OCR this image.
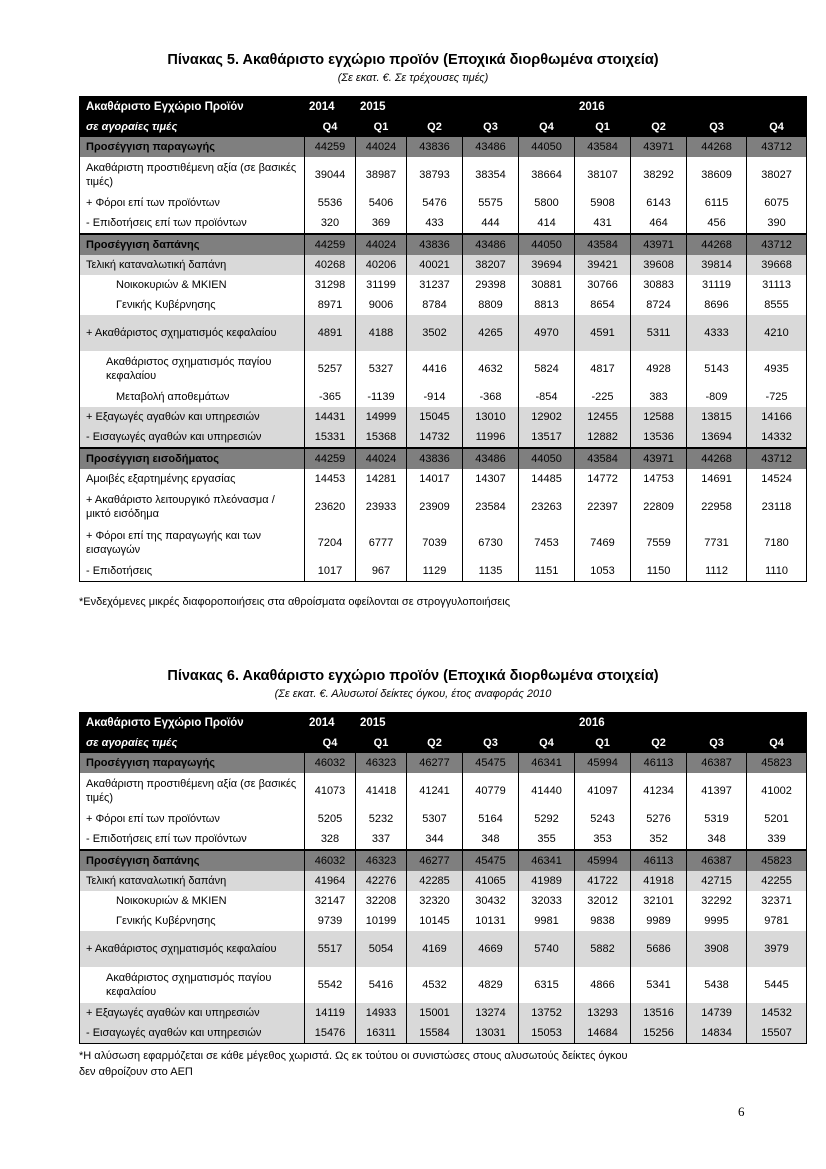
Πίνακας 5. Ακαθάριστο εγχώριο προϊόν (Εποχικά διορθωμένα στοιχεία)
(Σε εκατ. €. Σε τρέχουσες τιμές)
Ακαθάριστο Εγχώριο Προϊόν	2014	2015				2016			
σε αγοραίες τιμές	Q4	Q1	Q2	Q3	Q4	Q1	Q2	Q3	Q4
Προσέγγιση παραγωγής	44259	44024	43836	43486	44050	43584	43971	44268	43712
Ακαθάριστη προστιθέμενη αξία (σε βασικές τιμές)	39044	38987	38793	38354	38664	38107	38292	38609	38027
+ Φόροι επί των προϊόντων	5536	5406	5476	5575	5800	5908	6143	6115	6075
- Επιδοτήσεις επί των προϊόντων	320	369	433	444	414	431	464	456	390
Προσέγγιση δαπάνης	44259	44024	43836	43486	44050	43584	43971	44268	43712
Τελική καταναλωτική δαπάνη	40268	40206	40021	38207	39694	39421	39608	39814	39668
Νοικοκυριών & ΜΚΙΕΝ	31298	31199	31237	29398	30881	30766	30883	31119	31113
Γενικής Κυβέρνησης	8971	9006	8784	8809	8813	8654	8724	8696	8555
+ Ακαθάριστος σχηματισμός κεφαλαίου	4891	4188	3502	4265	4970	4591	5311	4333	4210
Ακαθάριστος σχηματισμός παγίου κεφαλαίου	5257	5327	4416	4632	5824	4817	4928	5143	4935
Μεταβολή αποθεμάτων	-365	-1139	-914	-368	-854	-225	383	-809	-725
+ Εξαγωγές αγαθών και υπηρεσιών	14431	14999	15045	13010	12902	12455	12588	13815	14166
- Εισαγωγές αγαθών και υπηρεσιών	15331	15368	14732	11996	13517	12882	13536	13694	14332
Προσέγγιση εισοδήματος	44259	44024	43836	43486	44050	43584	43971	44268	43712
Αμοιβές εξαρτημένης εργασίας	14453	14281	14017	14307	14485	14772	14753	14691	14524
+ Ακαθάριστο λειτουργικό πλεόνασμα / μικτό εισόδημα	23620	23933	23909	23584	23263	22397	22809	22958	23118
+ Φόροι επί της παραγωγής και των εισαγωγών	7204	6777	7039	6730	7453	7469	7559	7731	7180
- Επιδοτήσεις	1017	967	1129	1135	1151	1053	1150	1112	1110
*Ενδεχόμενες μικρές διαφοροποιήσεις στα αθροίσματα οφείλονται σε στρογγυλοποιήσεις
Πίνακας 6. Ακαθάριστο εγχώριο προϊόν (Εποχικά διορθωμένα στοιχεία)
(Σε εκατ. €. Αλυσωτοί δείκτες όγκου, έτος αναφοράς 2010
Ακαθάριστο Εγχώριο Προϊόν	2014	2015				2016			
σε αγοραίες τιμές	Q4	Q1	Q2	Q3	Q4	Q1	Q2	Q3	Q4
Προσέγγιση παραγωγής	46032	46323	46277	45475	46341	45994	46113	46387	45823
Ακαθάριστη προστιθέμενη αξία (σε βασικές τιμές)	41073	41418	41241	40779	41440	41097	41234	41397	41002
+ Φόροι επί των προϊόντων	5205	5232	5307	5164	5292	5243	5276	5319	5201
- Επιδοτήσεις επί των προϊόντων	328	337	344	348	355	353	352	348	339
Προσέγγιση δαπάνης	46032	46323	46277	45475	46341	45994	46113	46387	45823
Τελική καταναλωτική δαπάνη	41964	42276	42285	41065	41989	41722	41918	42715	42255
Νοικοκυριών & ΜΚΙΕΝ	32147	32208	32320	30432	32033	32012	32101	32292	32371
Γενικής Κυβέρνησης	9739	10199	10145	10131	9981	9838	9989	9995	9781
+ Ακαθάριστος σχηματισμός κεφαλαίου	5517	5054	4169	4669	5740	5882	5686	3908	3979
Ακαθάριστος σχηματισμός παγίου κεφαλαίου	5542	5416	4532	4829	6315	4866	5341	5438	5445
+ Εξαγωγές αγαθών και υπηρεσιών	14119	14933	15001	13274	13752	13293	13516	14739	14532
- Εισαγωγές αγαθών και υπηρεσιών	15476	16311	15584	13031	15053	14684	15256	14834	15507
*Η αλύσωση εφαρμόζεται σε κάθε μέγεθος χωριστά. Ως εκ τούτου οι συνιστώσες στους αλυσωτούς δείκτες όγκου
δεν αθροίζουν στο ΑΕΠ
6
